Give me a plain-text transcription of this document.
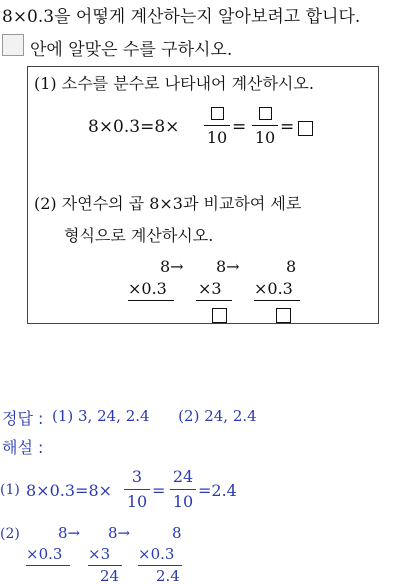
8×0.3을 어떻게 계산하는지 알아보려고 합니다.
안에 알맞은 수를 구하시오.
(1) 소수를 분수로 나타내어 계산하시오.
8×0.3=8×
10
=
10
=
(2) 자연수의 곱 8×3과 비교하여 세로
형식으로 계산하시오.
8→
×0.3
8→
×3
8
×0.3
정답 : (1) 3, 24, 2.4      (2) 24, 2.4
해설 :
(1) 8×0.3=8×
3
10
=
24
10
=2.4
(2)	8→
×0.3
8→
×3
24
8
×0.3
2.4
